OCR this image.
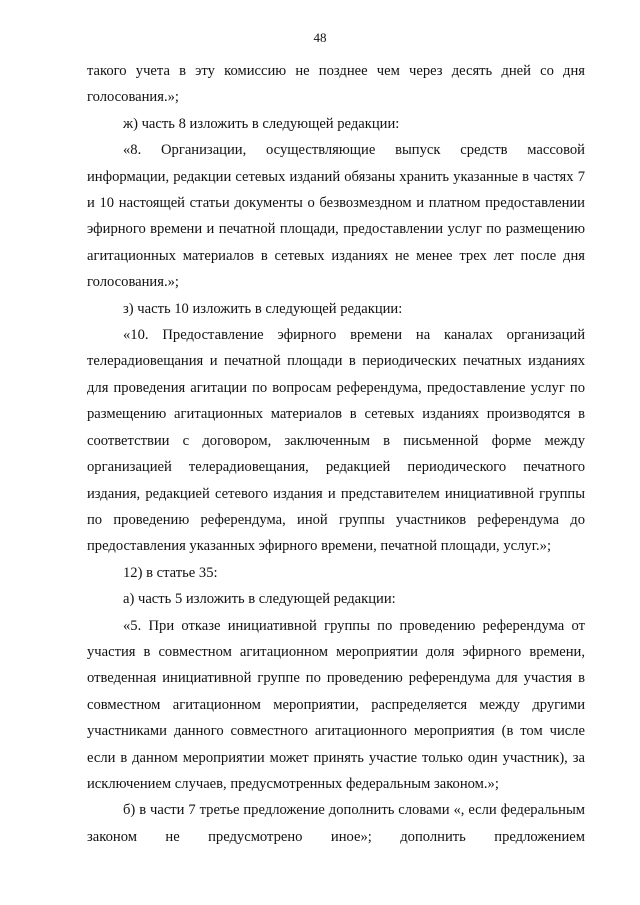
48

такого учета в эту комиссию не позднее чем через десять дней со дня голосования.»;

ж) часть 8 изложить в следующей редакции:

«8. Организации, осуществляющие выпуск средств массовой информации, редакции сетевых изданий обязаны хранить указанные в частях 7 и 10 настоящей статьи документы о безвозмездном и платном предоставлении эфирного времени и печатной площади, предоставлении услуг по размещению агитационных материалов в сетевых изданиях не менее трех лет после дня голосования.»;

з) часть 10 изложить в следующей редакции:

«10. Предоставление эфирного времени на каналах организаций телерадиовещания и печатной площади в периодических печатных изданиях для проведения агитации по вопросам референдума, предоставление услуг по размещению агитационных материалов в сетевых изданиях производятся в соответствии с договором, заключенным в письменной форме между организацией телерадиовещания, редакцией периодического печатного издания, редакцией сетевого издания и представителем инициативной группы по проведению референдума, иной группы участников референдума до предоставления указанных эфирного времени, печатной площади, услуг.»;

12) в статье 35:

а) часть 5 изложить в следующей редакции:

«5. При отказе инициативной группы по проведению референдума от участия в совместном агитационном мероприятии доля эфирного времени, отведенная инициативной группе по проведению референдума для участия в совместном агитационном мероприятии, распределяется между другими участниками данного совместного агитационного мероприятия (в том числе если в данном мероприятии может принять участие только один участник), за исключением случаев, предусмотренных федеральным законом.»;

б) в части 7 третье предложение дополнить словами «, если федеральным законом не предусмотрено иное»; дополнить предложением
